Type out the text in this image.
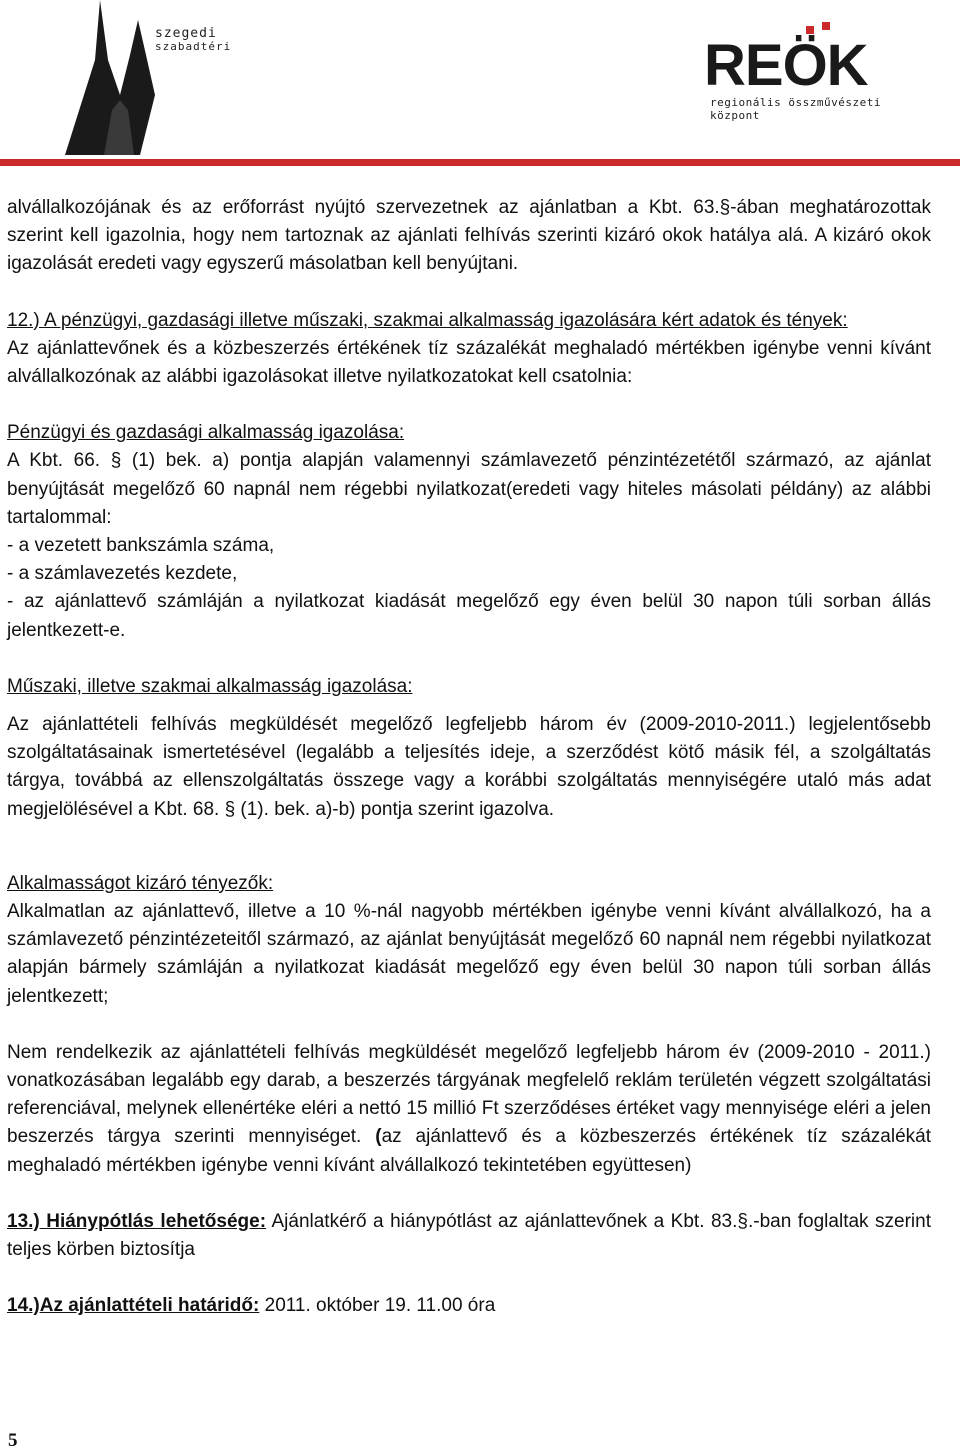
szegedi
szabadtéri	REÖK
regionális összművészeti központ

alvállalkozójának és az erőforrást nyújtó szervezetnek az ajánlatban a Kbt. 63.§-ában meghatározottak szerint kell igazolnia, hogy nem tartoznak az ajánlati felhívás szerinti kizáró okok hatálya alá. A kizáró okok igazolását eredeti vagy egyszerű másolatban kell benyújtani.

12.) A pénzügyi, gazdasági illetve műszaki, szakmai alkalmasság igazolására kért adatok és tények:

Az ajánlattevőnek és a közbeszerzés értékének tíz százalékát meghaladó mértékben igénybe venni kívánt alvállalkozónak az alábbi igazolásokat illetve nyilatkozatokat kell csatolnia:

Pénzügyi és gazdasági alkalmasság igazolása:

A Kbt. 66. § (1) bek. a) pontja alapján valamennyi számlavezető pénzintézetétől származó, az ajánlat benyújtását megelőző 60 napnál nem régebbi nyilatkozat(eredeti vagy hiteles másolati példány) az alábbi tartalommal:

- a vezetett bankszámla száma,

- a számlavezetés kezdete,

- az ajánlattevő számláján a nyilatkozat kiadását megelőző egy éven belül 30 napon túli sorban állás jelentkezett-e.

Műszaki, illetve szakmai alkalmasság igazolása:

Az ajánlattételi felhívás megküldését megelőző legfeljebb három év (2009-2010-2011.) legjelentősebb szolgáltatásainak ismertetésével (legalább a teljesítés ideje, a szerződést kötő másik fél, a szolgáltatás tárgya, továbbá az ellenszolgáltatás összege vagy a korábbi szolgáltatás mennyiségére utaló más adat megjelölésével a Kbt. 68. § (1). bek. a)-b) pontja szerint igazolva.

Alkalmasságot kizáró tényezők:

Alkalmatlan az ajánlattevő, illetve a 10 %-nál nagyobb mértékben igénybe venni kívánt alvállalkozó, ha a számlavezető pénzintézeteitől származó, az ajánlat benyújtását megelőző 60 napnál nem régebbi nyilatkozat alapján bármely számláján a nyilatkozat kiadását megelőző egy éven belül 30 napon túli sorban állás jelentkezett;

Nem rendelkezik az ajánlattételi felhívás megküldését megelőző legfeljebb három év (2009-2010 - 2011.) vonatkozásában legalább egy darab, a beszerzés tárgyának megfelelő reklám területén végzett szolgáltatási referenciával, melynek ellenértéke eléri a nettó 15 millió Ft szerződéses értéket vagy mennyisége eléri a jelen beszerzés tárgya szerinti mennyiséget. (az ajánlattevő és a közbeszerzés értékének tíz százalékát meghaladó mértékben igénybe venni kívánt alvállalkozó tekintetében együttesen)

13.) Hiánypótlás lehetősége: Ajánlatkérő a hiánypótlást az ajánlattevőnek a Kbt. 83.§.-ban foglaltak szerint teljes körben biztosítja

14.)Az ajánlattételi határidő: 2011. október 19. 11.00 óra

5
